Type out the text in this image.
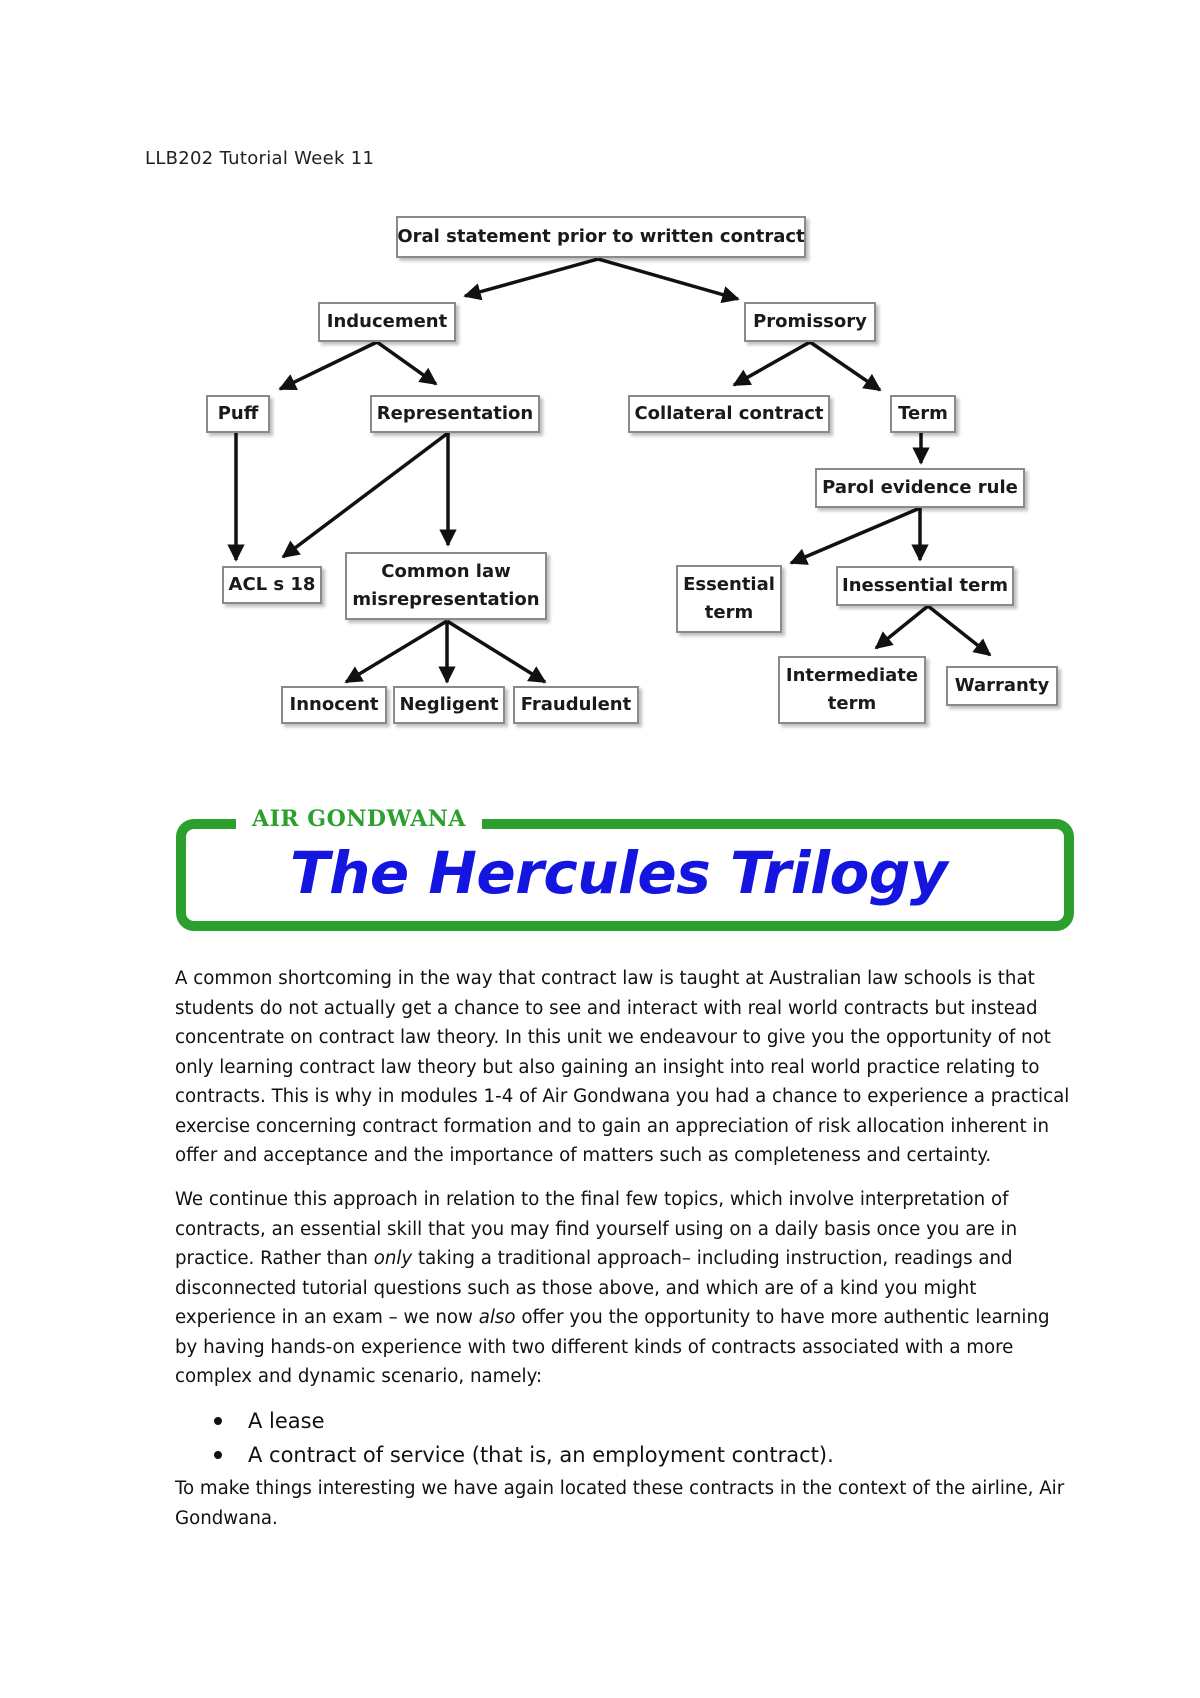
LLB202 Tutorial Week 11
Oral statement prior to written contract
Inducement	Promissory
Puff	Representation	Collateral contract	Term
Parol evidence rule
ACL s 18
Common law
misrepresentation
Essential
term
Inessential term
Innocent	Negligent	Fraudulent
Intermediate
term
Warranty
AIR GONDWANA
The Hercules Trilogy

A common shortcoming in the way that contract law is taught at Australian law schools is that students do not actually get a chance to see and interact with real world contracts but instead concentrate on contract law theory. In this unit we endeavour to give you the opportunity of not only learning contract law theory but also gaining an insight into real world practice relating to contracts. This is why in modules 1-4 of Air Gondwana you had a chance to experience a practical exercise concerning contract formation and to gain an appreciation of risk allocation inherent in offer and acceptance and the importance of matters such as completeness and certainty.

We continue this approach in relation to the final few topics, which involve interpretation of contracts, an essential skill that you may find yourself using on a daily basis once you are in practice. Rather than only taking a traditional approach– including instruction, readings and disconnected tutorial questions such as those above, and which are of a kind you might experience in an exam – we now also offer you the opportunity to have more authentic learning by having hands-on experience with two different kinds of contracts associated with a more complex and dynamic scenario, namely:

A lease
A contract of service (that is, an employment contract).

To make things interesting we have again located these contracts in the context of the airline, Air Gondwana.
